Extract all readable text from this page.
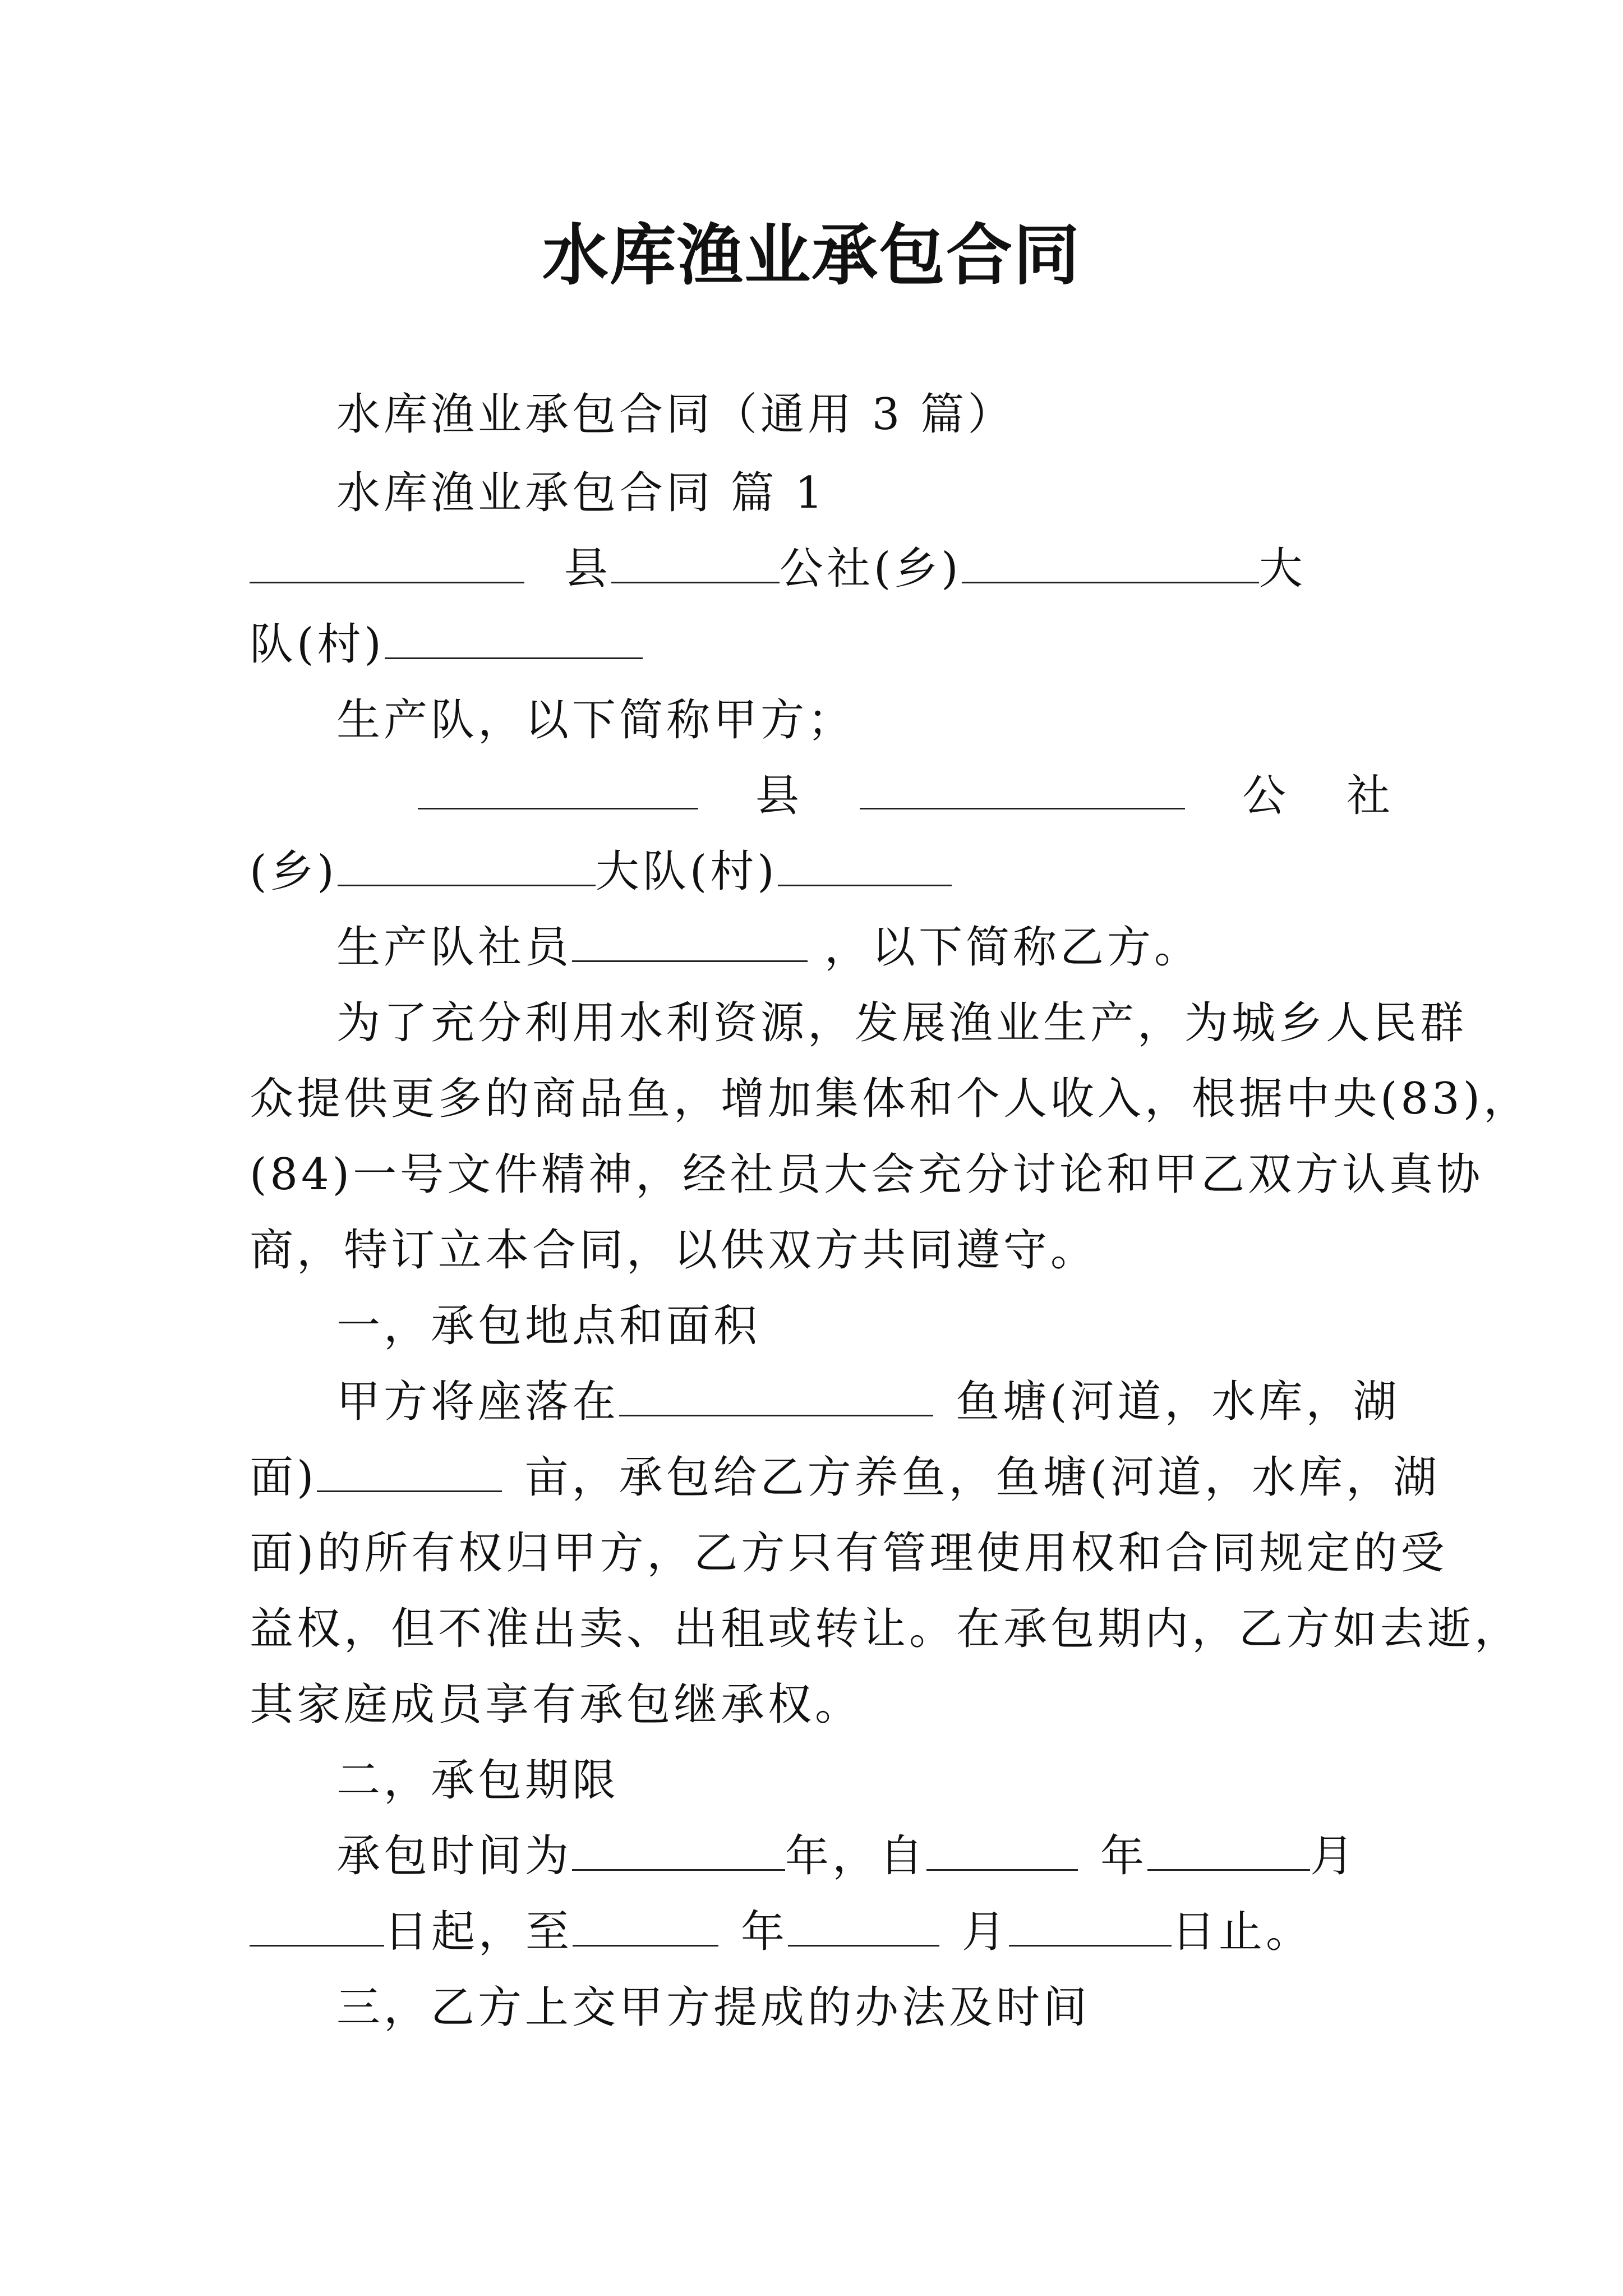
水库渔业承包合同
水库渔业承包合同（通用 3 篇）
水库渔业承包合同 篇 1
县	公社(乡)	大
队(村)
生产队，以下简称甲方；
县	公 社
(乡)	大队(村)
生产队社员	，以下简称乙方。
为了充分利用水利资源，发展渔业生产，为城乡人民群
众提供更多的商品鱼，增加集体和个人收入，根据中央(83)，
(84)一号文件精神，经社员大会充分讨论和甲乙双方认真协
商，特订立本合同，以供双方共同遵守。
一，承包地点和面积
甲方将座落在	鱼塘(河道，水库，湖
面)	亩，承包给乙方养鱼，鱼塘(河道，水库，湖
面)的所有权归甲方，乙方只有管理使用权和合同规定的受
益权，但不准出卖、出租或转让。在承包期内，乙方如去逝，
其家庭成员享有承包继承权。
二，承包期限
承包时间为	年，自	年	月
日起，至	年	月	日止。
三，乙方上交甲方提成的办法及时间
